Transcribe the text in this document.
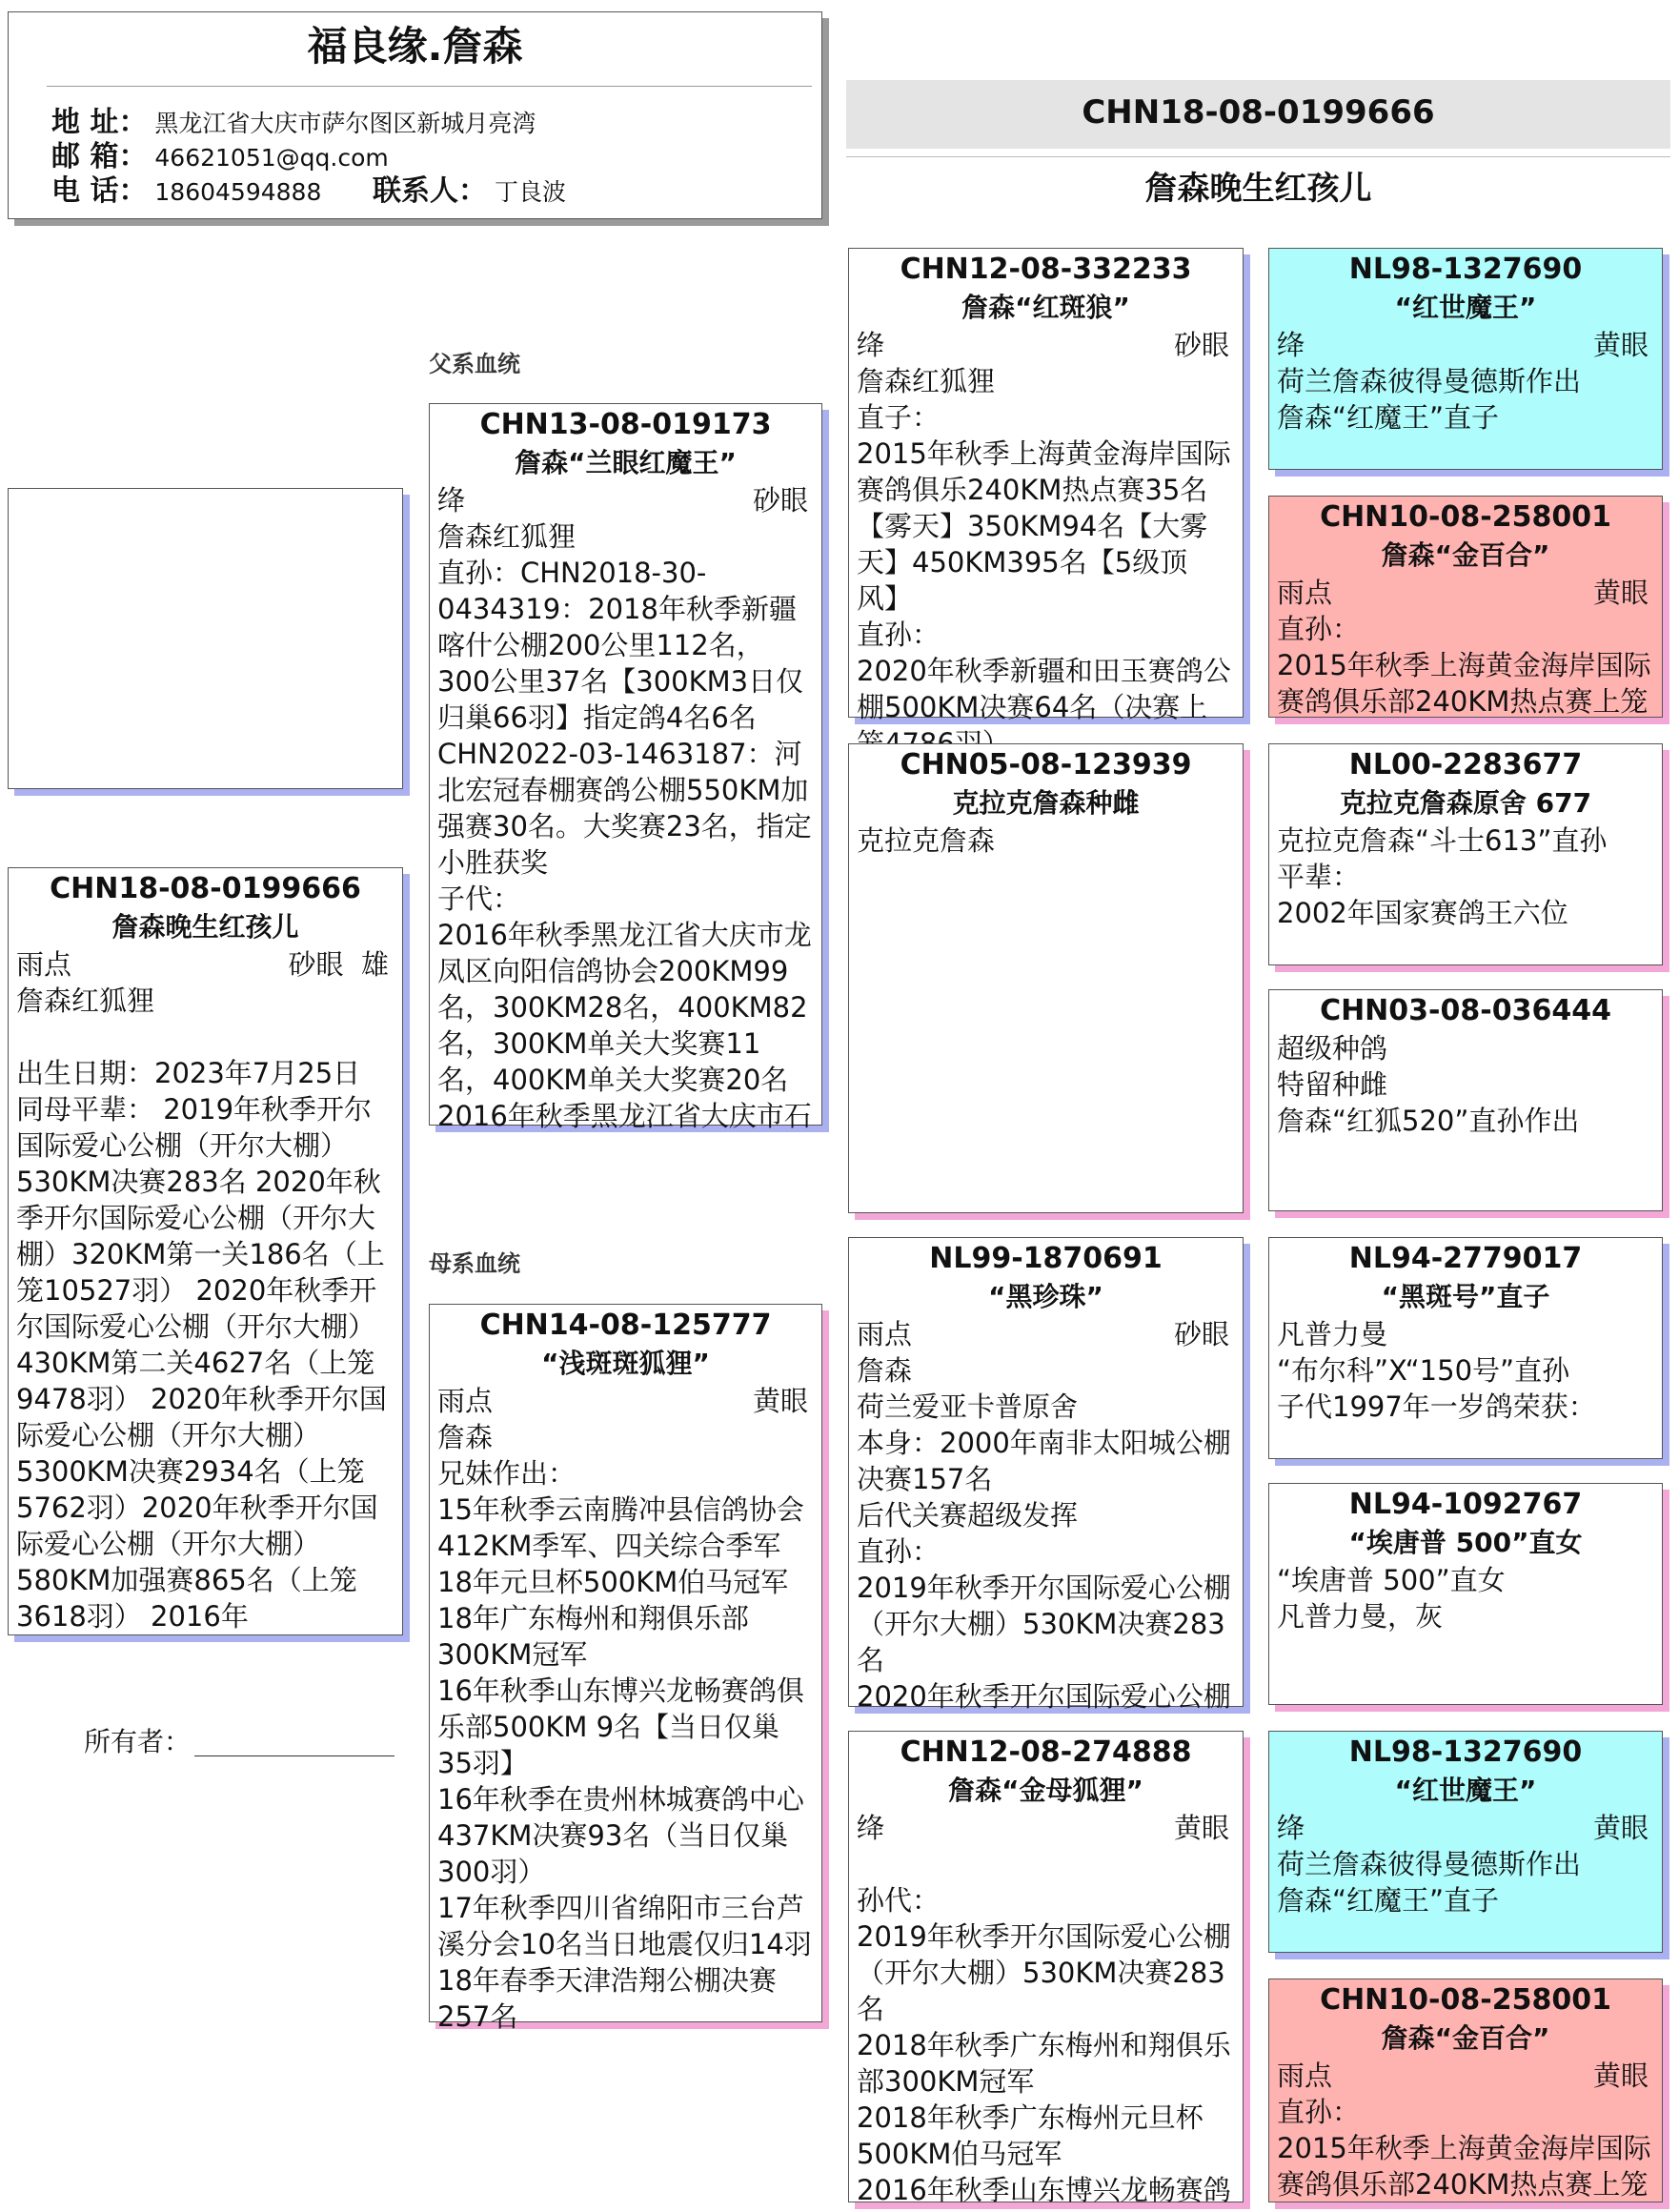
福良缘.詹森
地 址： 黑龙江省大庆市萨尔图区新城月亮湾
邮 箱： 46621051@qq.com
电 话： 18604594888 联系人： 丁良波
CHN18-08-0199666
詹森晚生红孩儿
CHN18-08-0199666
詹森晚生红孩儿
雨点	砂眼 雄
詹森红狐狸

出生日期：2023年7月25日
同母平辈： 2019年秋季开尔国际爱心公棚（开尔大棚）530KM决赛283名 2020年秋季开尔国际爱心公棚（开尔大棚）320KM第一关186名（上笼10527羽） 2020年秋季开尔国际爱心公棚（开尔大棚）430KM第二关4627名（上笼9478羽） 2020年秋季开尔国际爱心公棚（开尔大棚）5300KM决赛2934名（上笼5762羽）2020年秋季开尔国际爱心公棚（开尔大棚）580KM加强赛865名（上笼3618羽） 2016年
所有者：
父系血统
母系血统
CHN13-08-019173
詹森“兰眼红魔王”
绛	砂眼
詹森红狐狸
直孙：CHN2018-30-0434319：2018年秋季新疆喀什公棚200公里112名，300公里37名【300KM3日仅归巢66羽】指定鸽4名6名
CHN2022-03-1463187：河北宏冠春棚赛鸽公棚550KM加强赛30名。大奖赛23名，指定小胜获奖
子代：
2016年秋季黑龙江省大庆市龙凤区向阳信鸽协会200KM99名，300KM28名，400KM82名，300KM单关大奖赛11名，400KM单关大奖赛20名
2016年秋季黑龙江省大庆市石
CHN14-08-125777
“浅斑斑狐狸”
雨点	黄眼
詹森
兄妹作出：
15年秋季云南腾冲县信鸽协会412KM季军、四关综合季军
18年元旦杯500KM伯马冠军
18年广东梅州和翔俱乐部300KM冠军
16年秋季山东博兴龙畅赛鸽俱乐部500KM 9名【当日仅巢35羽】
16年秋季在贵州林城赛鸽中心437KM决赛93名（当日仅巢300羽）
17年秋季四川省绵阳市三台芦溪分会10名当日地震仅归14羽
18年春季天津浩翔公棚决赛257名
CHN12-08-332233
詹森“红斑狼”
绛	砂眼
詹森红狐狸
直子：
2015年秋季上海黄金海岸国际赛鸽俱乐240KM热点赛35名【雾天】350KM94名【大雾天】450KM395名【5级顶风】
直孙：
2020年秋季新疆和田玉赛鸽公棚500KM决赛64名（决赛上
CHN05-08-123939
克拉克詹森种雌
克拉克詹森
NL99-1870691
“黑珍珠”
雨点	砂眼
詹森
荷兰爱亚卡普原舍
本身：2000年南非太阳城公棚决赛157名
后代关赛超级发挥
直孙：
2019年秋季开尔国际爱心公棚（开尔大棚）530KM决赛283名
2020年秋季开尔国际爱心公棚
CHN12-08-274888
詹森“金母狐狸”
绛	黄眼

孙代：
2019年秋季开尔国际爱心公棚（开尔大棚）530KM决赛283名
2018年秋季广东梅州和翔俱乐部300KM冠军
2018年秋季广东梅州元旦杯500KM伯马冠军
2016年秋季山东博兴龙畅赛鸽
NL98-1327690
“红世魔王”
绛	黄眼
荷兰詹森彼得曼德斯作出
詹森“红魔王”直子
CHN10-08-258001
詹森“金百合”
雨点	黄眼
直孙：
2015年秋季上海黄金海岸国际赛鸽俱乐部240KM热点赛上笼
NL00-2283677
克拉克詹森原舍 677
克拉克詹森“斗士613”直孙
平辈：
2002年国家赛鸽王六位
CHN03-08-036444
超级种鸽
特留种雌
詹森“红狐520”直孙作出
NL94-2779017
“黑斑号”直子
凡普力曼
“布尔科”X“150号”直孙
子代1997年一岁鸽荣获：
NL94-1092767
“埃唐普 500”直女
“埃唐普 500”直女
凡普力曼，灰
NL98-1327690
“红世魔王”
绛	黄眼
荷兰詹森彼得曼德斯作出
詹森“红魔王”直子
CHN10-08-258001
詹森“金百合”
雨点	黄眼
直孙：
2015年秋季上海黄金海岸国际赛鸽俱乐部240KM热点赛上笼
